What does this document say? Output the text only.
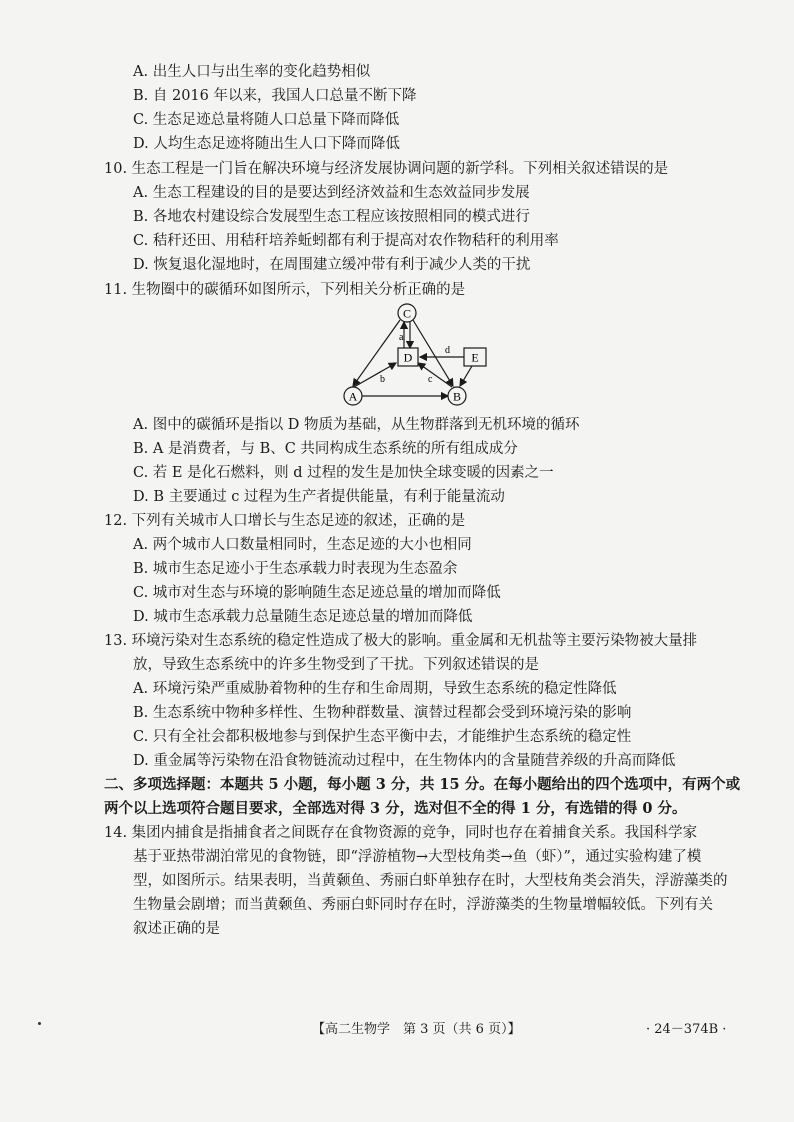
A. 出生人口与出生率的变化趋势相似
B. 自 2016 年以来，我国人口总量不断下降
C. 生态足迹总量将随人口总量下降而降低
D. 人均生态足迹将随出生人口下降而降低
10. 生态工程是一门旨在解决环境与经济发展协调问题的新学科。下列相关叙述错误的是
A. 生态工程建设的目的是要达到经济效益和生态效益同步发展
B. 各地农村建设综合发展型生态工程应该按照相同的模式进行
C. 秸秆还田、用秸秆培养蚯蚓都有利于提高对农作物秸秆的利用率
D. 恢复退化湿地时，在周围建立缓冲带有利于减少人类的干扰
11. 生物圈中的碳循环如图所示，下列相关分析正确的是
C
D	E
A	B
a
b	c
d
A. 图中的碳循环是指以 D 物质为基础，从生物群落到无机环境的循环
B. A 是消费者，与 B、C 共同构成生态系统的所有组成成分
C. 若 E 是化石燃料，则 d 过程的发生是加快全球变暖的因素之一
D. B 主要通过 c 过程为生产者提供能量，有利于能量流动
12. 下列有关城市人口增长与生态足迹的叙述，正确的是
A. 两个城市人口数量相同时，生态足迹的大小也相同
B. 城市生态足迹小于生态承载力时表现为生态盈余
C. 城市对生态与环境的影响随生态足迹总量的增加而降低
D. 城市生态承载力总量随生态足迹总量的增加而降低
13. 环境污染对生态系统的稳定性造成了极大的影响。重金属和无机盐等主要污染物被大量排
放，导致生态系统中的许多生物受到了干扰。下列叙述错误的是
A. 环境污染严重威胁着物种的生存和生命周期，导致生态系统的稳定性降低
B. 生态系统中物种多样性、生物种群数量、演替过程都会受到环境污染的影响
C. 只有全社会都积极地参与到保护生态平衡中去，才能维护生态系统的稳定性
D. 重金属等污染物在沿食物链流动过程中，在生物体内的含量随营养级的升高而降低
二、多项选择题：本题共 5 小题，每小题 3 分，共 15 分。在每小题给出的四个选项中，有两个或
两个以上选项符合题目要求，全部选对得 3 分，选对但不全的得 1 分，有选错的得 0 分。
14. 集团内捕食是指捕食者之间既存在食物资源的竞争，同时也存在着捕食关系。我国科学家
基于亚热带湖泊常见的食物链，即“浮游植物→大型枝角类→鱼（虾）”，通过实验构建了模
型，如图所示。结果表明，当黄颡鱼、秀丽白虾单独存在时，大型枝角类会消失，浮游藻类的
生物量会剧增；而当黄颡鱼、秀丽白虾同时存在时，浮游藻类的生物量增幅较低。下列有关
叙述正确的是
【高二生物学　第 3 页（共 6 页）】	· 24－374B ·
